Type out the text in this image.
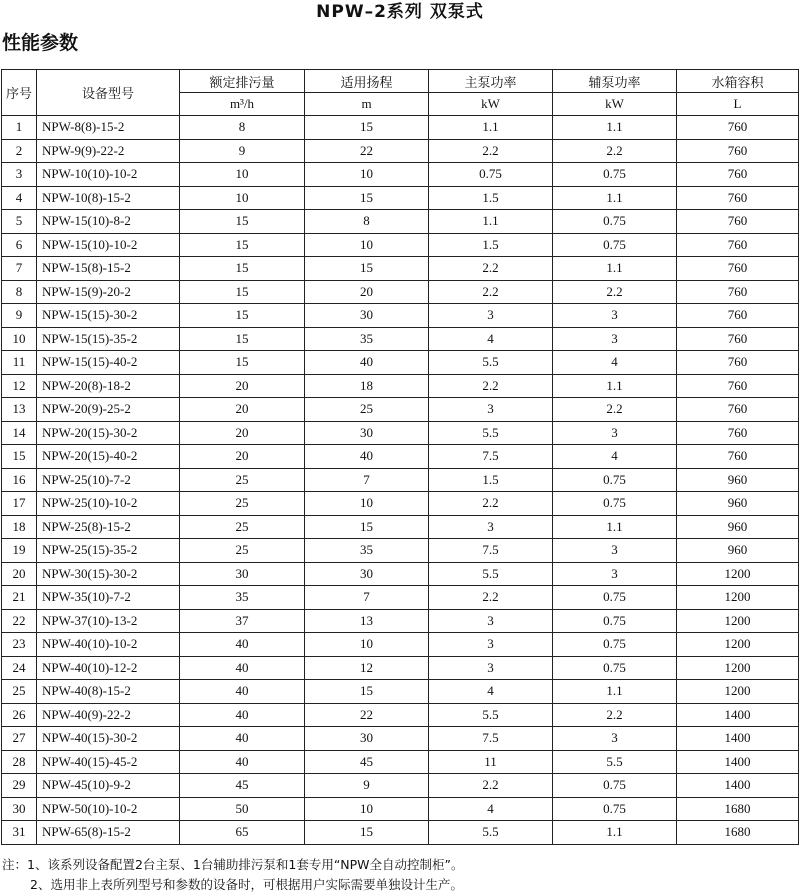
NPW–2系列 双泵式
性能参数
序号	设备型号	额定排污量	适用扬程	主泵功率	辅泵功率	水箱容积
		m³/h	m	kW	kW	L
1	NPW-8(8)-15-2	8	15	1.1	1.1	760
2	NPW-9(9)-22-2	9	22	2.2	2.2	760
3	NPW-10(10)-10-2	10	10	0.75	0.75	760
4	NPW-10(8)-15-2	10	15	1.5	1.1	760
5	NPW-15(10)-8-2	15	8	1.1	0.75	760
6	NPW-15(10)-10-2	15	10	1.5	0.75	760
7	NPW-15(8)-15-2	15	15	2.2	1.1	760
8	NPW-15(9)-20-2	15	20	2.2	2.2	760
9	NPW-15(15)-30-2	15	30	3	3	760
10	NPW-15(15)-35-2	15	35	4	3	760
11	NPW-15(15)-40-2	15	40	5.5	4	760
12	NPW-20(8)-18-2	20	18	2.2	1.1	760
13	NPW-20(9)-25-2	20	25	3	2.2	760
14	NPW-20(15)-30-2	20	30	5.5	3	760
15	NPW-20(15)-40-2	20	40	7.5	4	760
16	NPW-25(10)-7-2	25	7	1.5	0.75	960
17	NPW-25(10)-10-2	25	10	2.2	0.75	960
18	NPW-25(8)-15-2	25	15	3	1.1	960
19	NPW-25(15)-35-2	25	35	7.5	3	960
20	NPW-30(15)-30-2	30	30	5.5	3	1200
21	NPW-35(10)-7-2	35	7	2.2	0.75	1200
22	NPW-37(10)-13-2	37	13	3	0.75	1200
23	NPW-40(10)-10-2	40	10	3	0.75	1200
24	NPW-40(10)-12-2	40	12	3	0.75	1200
25	NPW-40(8)-15-2	40	15	4	1.1	1200
26	NPW-40(9)-22-2	40	22	5.5	2.2	1400
27	NPW-40(15)-30-2	40	30	7.5	3	1400
28	NPW-40(15)-45-2	40	45	11	5.5	1400
29	NPW-45(10)-9-2	45	9	2.2	0.75	1400
30	NPW-50(10)-10-2	50	10	4	0.75	1680
31	NPW-65(8)-15-2	65	15	5.5	1.1	1680
注：1、该系列设备配置2台主泵、1台辅助排污泵和1套专用“NPW全自动控制柜”。
2、选用非上表所列型号和参数的设备时，可根据用户实际需要单独设计生产。
